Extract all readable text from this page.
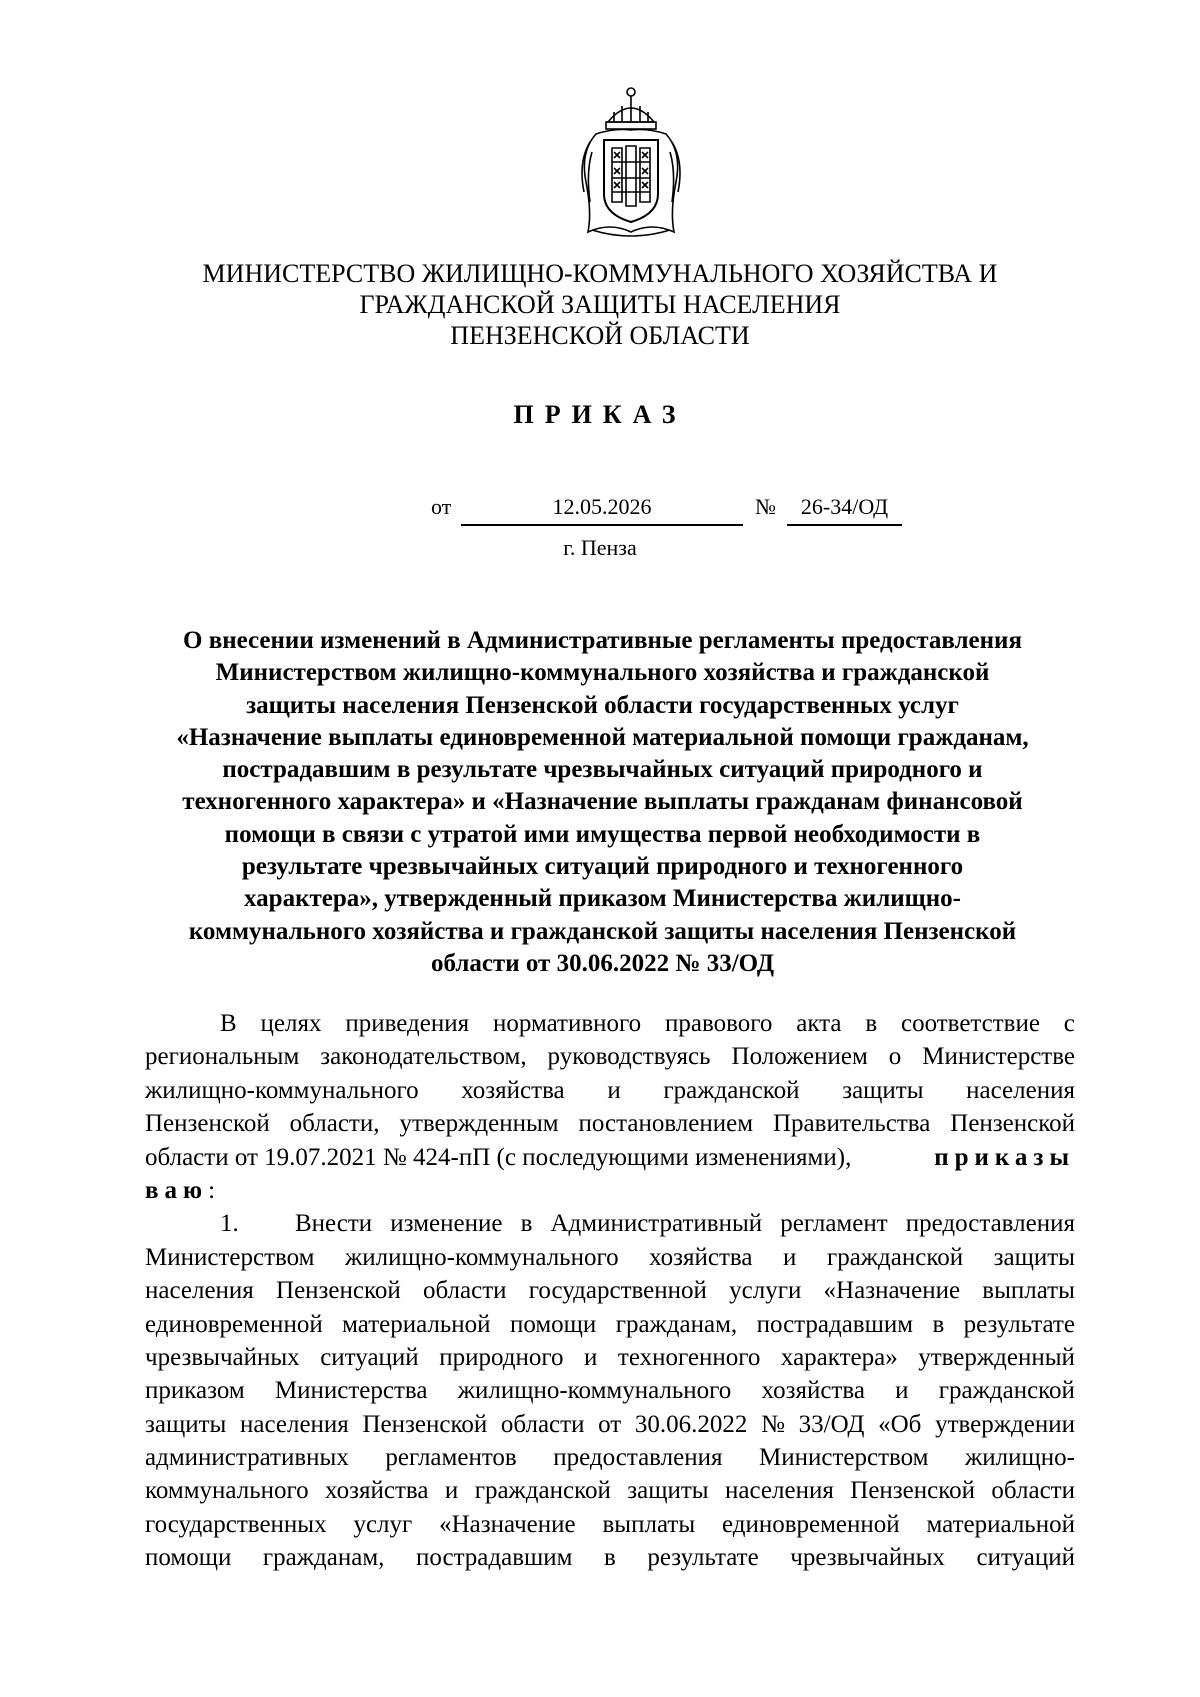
МИНИСТЕРСТВО ЖИЛИЩНО-КОММУНАЛЬНОГО ХОЗЯЙСТВА И
ГРАЖДАНСКОЙ ЗАЩИТЫ НАСЕЛЕНИЯ
ПЕНЗЕНСКОЙ ОБЛАСТИ
ПРИКАЗ
от	12.05.2026	№	26-34/ОД
г. Пенза
О внесении изменений в Административные регламенты предоставления
Министерством жилищно-коммунального хозяйства и гражданской
защиты населения Пензенской области государственных услуг
«Назначение выплаты единовременной материальной помощи гражданам,
пострадавшим в результате чрезвычайных ситуаций природного и
техногенного характера» и «Назначение выплаты гражданам финансовой
помощи в связи с утратой ими имущества первой необходимости в
результате чрезвычайных ситуаций природного и техногенного
характера», утвержденный приказом Министерства жилищно-
коммунального хозяйства и гражданской защиты населения Пензенской
области от 30.06.2022 № 33/ОД
В целях приведения нормативного правового акта в соответствие с
региональным законодательством, руководствуясь Положением о Министерстве
жилищно-коммунального хозяйства и гражданской защиты населения
Пензенской области, утвержденным постановлением Правительства Пензенской
области от 19.07.2021 № 424-пП (с последующими изменениями),	приказы
ваю:
1.	Внести изменение в Административный регламент предоставления
Министерством жилищно-коммунального хозяйства и гражданской защиты
населения Пензенской области государственной услуги «Назначение выплаты
единовременной материальной помощи гражданам, пострадавшим в результате
чрезвычайных ситуаций природного и техногенного характера» утвержденный
приказом Министерства жилищно-коммунального хозяйства и гражданской
защиты населения Пензенской области от 30.06.2022 № 33/ОД «Об утверждении
административных регламентов предоставления Министерством жилищно-
коммунального хозяйства и гражданской защиты населения Пензенской области
государственных услуг «Назначение выплаты единовременной материальной
помощи гражданам, пострадавшим в результате чрезвычайных ситуаций
